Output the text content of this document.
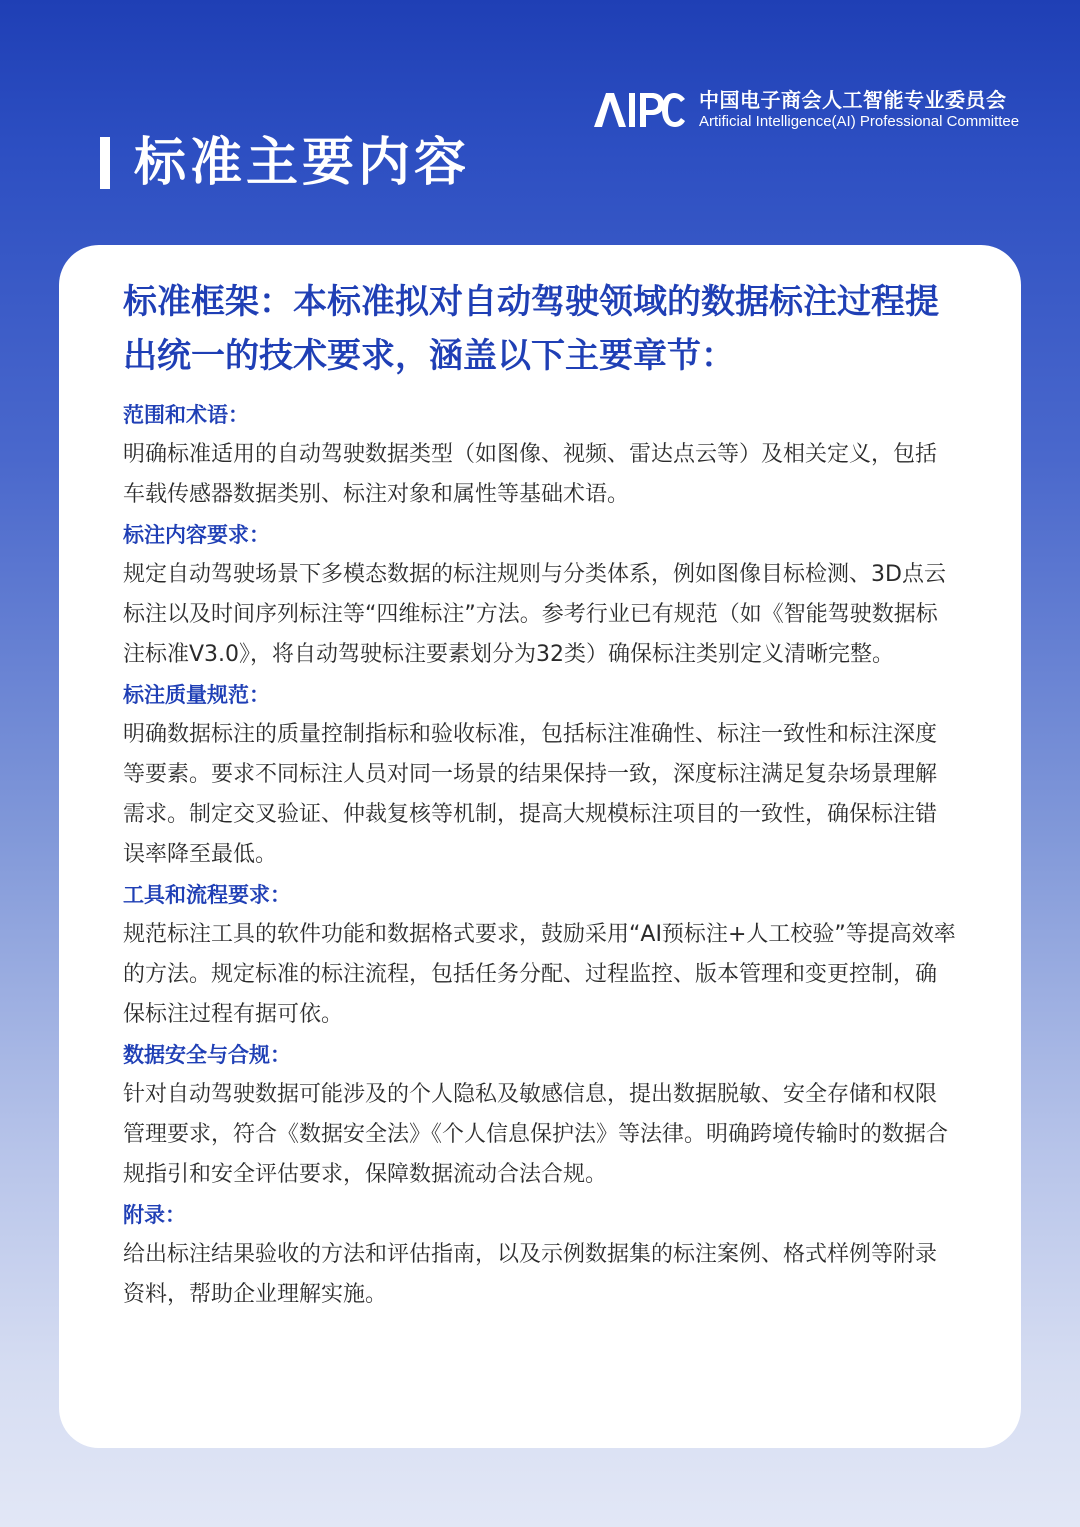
中国电子商会人工智能专业委员会
Artificial Intelligence(AI) Professional Committee
标准主要内容

标准框架：本标准拟对自动驾驶领域的数据标注过程提出统一的技术要求，涵盖以下主要章节：

范围和术语：

明确标准适用的自动驾驶数据类型（如图像、视频、雷达点云等）及相关定义，包括车载传感器数据类别、标注对象和属性等基础术语。

标注内容要求：

规定自动驾驶场景下多模态数据的标注规则与分类体系，例如图像目标检测、3D点云标注以及时间序列标注等“四维标注”方法。参考行业已有规范（如《智能驾驶数据标注标准V3.0》，将自动驾驶标注要素划分为32类）确保标注类别定义清晰完整。

标注质量规范：

明确数据标注的质量控制指标和验收标准，包括标注准确性、标注一致性和标注深度等要素。要求不同标注人员对同一场景的结果保持一致，深度标注满足复杂场景理解需求。制定交叉验证、仲裁复核等机制，提高大规模标注项目的一致性，确保标注错误率降至最低。

工具和流程要求：

规范标注工具的软件功能和数据格式要求，鼓励采用“AI预标注+人工校验”等提高效率的方法。规定标准的标注流程，包括任务分配、过程监控、版本管理和变更控制，确保标注过程有据可依。

数据安全与合规：

针对自动驾驶数据可能涉及的个人隐私及敏感信息，提出数据脱敏、安全存储和权限管理要求，符合《数据安全法》《个人信息保护法》等法律。明确跨境传输时的数据合规指引和安全评估要求，保障数据流动合法合规。

附录：

给出标注结果验收的方法和评估指南，以及示例数据集的标注案例、格式样例等附录资料，帮助企业理解实施。
